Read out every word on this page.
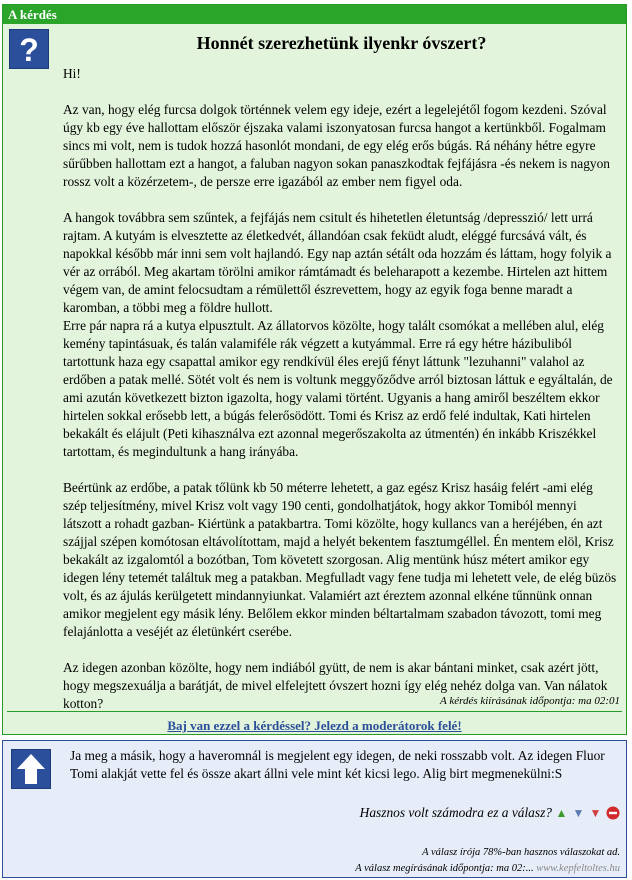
A kérdés
?	Honnét szerezhetünk ilyenkr óvszert?

Hi!

Az van, hogy elég furcsa dolgok történnek velem egy ideje, ezért a legelejétől fogom kezdeni. Szóval úgy kb egy éve hallottam először éjszaka valami iszonyatosan furcsa hangot a kertünkből. Fogalmam sincs mi volt, nem is tudok hozzá hasonlót mondani, de egy elég erős búgás. Rá néhány hétre egyre sűrűbben hallottam ezt a hangot, a faluban nagyon sokan panaszkodtak fejfájásra -és nekem is nagyon rossz volt a közérzetem-, de persze erre igazából az ember nem figyel oda.

A hangok továbbra sem szűntek, a fejfájás nem csitult és hihetetlen életuntság /depresszió/ lett urrá rajtam. A kutyám is elvesztette az életkedvét, állandóan csak feküdt aludt, eléggé furcsává vált, és napokkal később már inni sem volt hajlandó. Egy nap aztán sétált oda hozzám és láttam, hogy folyik a vér az orrából. Meg akartam törölni amikor rámtámadt és beleharapott a kezembe. Hirtelen azt hittem végem van, de amint felocsudtam a rémülettől észrevettem, hogy az egyik foga benne maradt a karomban, a többi meg a földre hullott.

Erre pár napra rá a kutya elpusztult. Az állatorvos közölte, hogy talált csomókat a mellében alul, elég kemény tapintásuak, és talán valamiféle rák végzett a kutyámmal. Erre rá egy hétre házibuliból tartottunk haza egy csapattal amikor egy rendkívül éles erejű fényt láttunk "lezuhanni" valahol az erdőben a patak mellé. Sötét volt és nem is voltunk meggyőződve arról biztosan láttuk e egyáltalán, de ami azután következett bizton igazolta, hogy valami történt. Ugyanis a hang amiről beszéltem ekkor hirtelen sokkal erősebb lett, a búgás felerősödött. Tomi és Krisz az erdő felé indultak, Kati hirtelen bekakált és elájult (Peti kihasználva ezt azonnal megerőszakolta az útmentén) én inkább Kriszékkel tartottam, és megindultunk a hang irányába.

Beértünk az erdőbe, a patak tőlünk kb 50 méterre lehetett, a gaz egész Krisz hasáig felért -ami elég szép teljesítmény, mivel Krisz volt vagy 190 centi, gondolhatjátok, hogy akkor Tomiból mennyi látszott a rohadt gazban- Kiértünk a patakbartra. Tomi közölte, hogy kullancs van a heréjében, én azt szájjal szépen komótosan eltávolítottam, majd a helyét bekentem fasztumgéllel. Én mentem elöl, Krisz bekakált az izgalomtól a bozótban, Tom követett szorgosan. Alig mentünk húsz métert amikor egy idegen lény tetemét találtuk meg a patakban. Megfulladt vagy fene tudja mi lehetett vele, de elég büzös volt, és az ájulás kerülgetett mindannyiunkat. Valamiért azt éreztem azonnal elkéne tűnnünk onnan amikor megjelent egy másik lény. Belőlem ekkor minden béltartalmam szabadon távozott, tomi meg felajánlotta a veséjét az életünkért cserébe.

Az idegen azonban közölte, hogy nem indiából gyütt, de nem is akar bántani minket, csak azért jött, hogy megszexuálja a barátját, de mivel elfelejtett óvszert hozni így elég nehéz dolga van. Van nálatok kotton?	A kérdés kiírásának időpontja: ma 02:01
Baj van ezzel a kérdéssel? Jelezd a moderátorok felé!
Ja meg a másik, hogy a haveromnál is megjelent egy idegen, de neki rosszabb volt. Az idegen Fluor Tomi alakját vette fel és össze akart állni vele mint két kicsi lego. Alig birt megmenekülni:S
Hasznos volt számodra ez a válasz? ▲ ▼ ▼
A válasz írója 78%-ban hasznos válaszokat ad.
A válasz megírásának időpontja: ma 02:... www.kepfeltoltes.hu
